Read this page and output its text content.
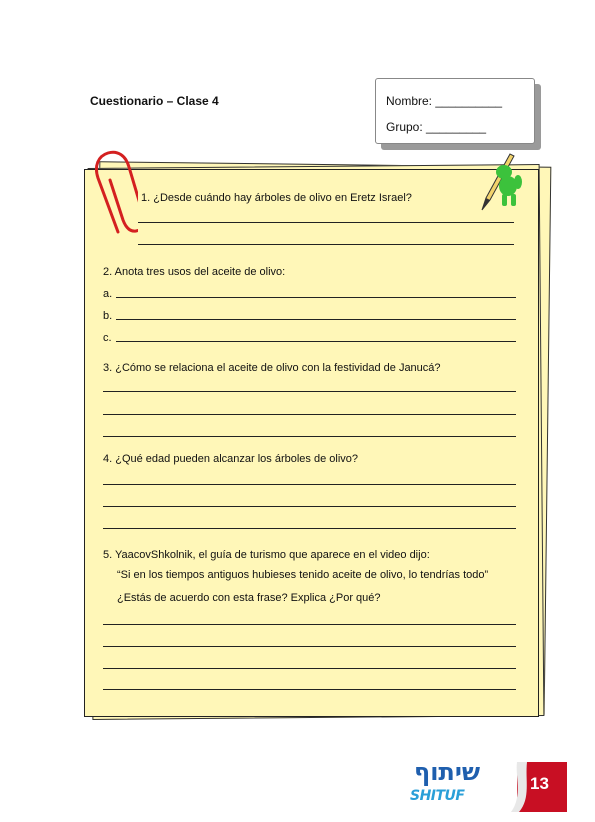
Cuestionario – Clase 4	Nombre: __________
Grupo: _________
1. ¿Desde cuándo hay árboles de olivo en Eretz Israel?
2. Anota tres usos del aceite de olivo:
a.
b.
c.
3. ¿Cómo se relaciona el aceite de olivo con la festividad de Janucá?
4. ¿Qué edad pueden alcanzar los árboles de olivo?
5. YaacovShkolnik, el guía de turismo que aparece en el video dijo:
“Si en los tiempos antiguos hubieses tenido aceite de olivo, lo tendrías todo”
¿Estás de acuerdo con esta frase? Explica ¿Por qué?
שיתוף
SHITUF
13
